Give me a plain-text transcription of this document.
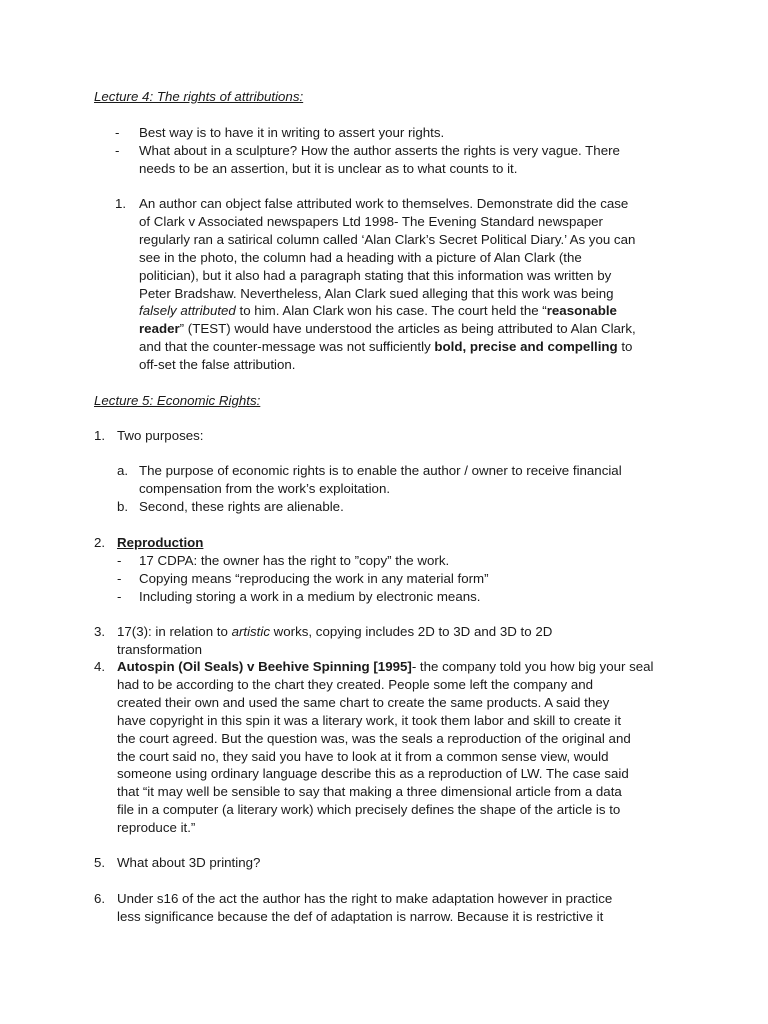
Lecture 4: The rights of attributions:
- Best way is to have it in writing to assert your rights.
- What about in a sculpture? How the author asserts the rights is very vague. There
needs to be an assertion, but it is unclear as to what counts to it.
1. An author can object false attributed work to themselves. Demonstrate did the case
of Clark v Associated newspapers Ltd 1998- The Evening Standard newspaper
regularly ran a satirical column called ‘Alan Clark’s Secret Political Diary.’ As you can
see in the photo, the column had a heading with a picture of Alan Clark (the
politician), but it also had a paragraph stating that this information was written by
Peter Bradshaw. Nevertheless, Alan Clark sued alleging that this work was being
falsely attributed to him. Alan Clark won his case. The court held the “reasonable
reader” (TEST) would have understood the articles as being attributed to Alan Clark,
and that the counter-message was not sufficiently bold, precise and compelling to
off-set the false attribution.
Lecture 5: Economic Rights:
1. Two purposes:
a. The purpose of economic rights is to enable the author / owner to receive financial
compensation from the work’s exploitation.
b. Second, these rights are alienable.
2. Reproduction
- 17 CDPA: the owner has the right to ”copy” the work.
- Copying means “reproducing the work in any material form”
- Including storing a work in a medium by electronic means.
3. 17(3): in relation to artistic works, copying includes 2D to 3D and 3D to 2D
transformation
4. Autospin (Oil Seals) v Beehive Spinning [1995]- the company told you how big your seal
had to be according to the chart they created. People some left the company and
created their own and used the same chart to create the same products. A said they
have copyright in this spin it was a literary work, it took them labor and skill to create it
the court agreed. But the question was, was the seals a reproduction of the original and
the court said no, they said you have to look at it from a common sense view, would
someone using ordinary language describe this as a reproduction of LW. The case said
that “it may well be sensible to say that making a three dimensional article from a data
file in a computer (a literary work) which precisely defines the shape of the article is to
reproduce it.”
5. What about 3D printing?
6. Under s16 of the act the author has the right to make adaptation however in practice
less significance because the def of adaptation is narrow. Because it is restrictive it
